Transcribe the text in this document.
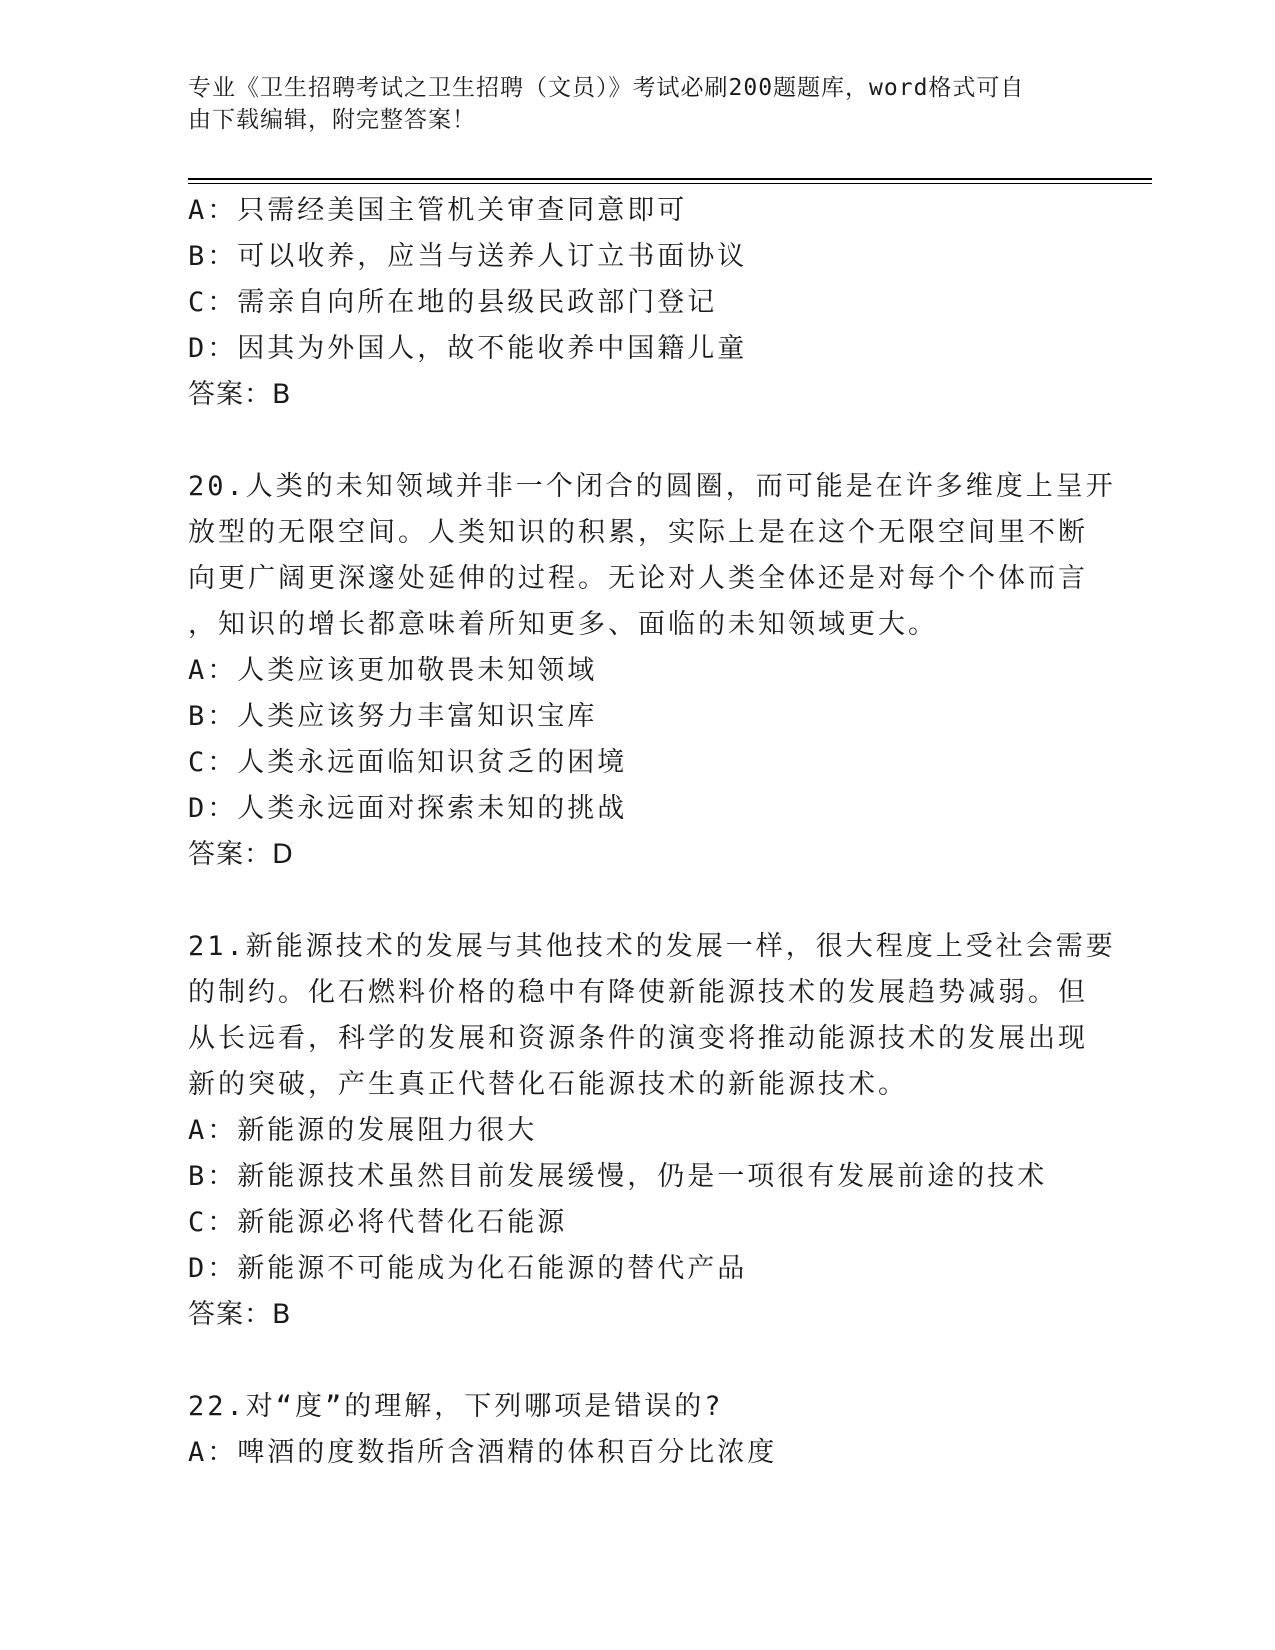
专业《卫生招聘考试之卫生招聘（文员）》考试必刷200题题库，word格式可自
由下载编辑，附完整答案！
A：只需经美国主管机关审查同意即可
B：可以收养，应当与送养人订立书面协议
C：需亲自向所在地的县级民政部门登记
D：因其为外国人，故不能收养中国籍儿童
答案：B
20.人类的未知领域并非一个闭合的圆圈，而可能是在许多维度上呈开
放型的无限空间。人类知识的积累，实际上是在这个无限空间里不断
向更广阔更深邃处延伸的过程。无论对人类全体还是对每个个体而言
，知识的增长都意味着所知更多、面临的未知领域更大。
A：人类应该更加敬畏未知领域
B：人类应该努力丰富知识宝库
C：人类永远面临知识贫乏的困境
D：人类永远面对探索未知的挑战
答案：D
21.新能源技术的发展与其他技术的发展一样，很大程度上受社会需要
的制约。化石燃料价格的稳中有降使新能源技术的发展趋势减弱。但
从长远看，科学的发展和资源条件的演变将推动能源技术的发展出现
新的突破，产生真正代替化石能源技术的新能源技术。
A：新能源的发展阻力很大
B：新能源技术虽然目前发展缓慢，仍是一项很有发展前途的技术
C：新能源必将代替化石能源
D：新能源不可能成为化石能源的替代产品
答案：B
22.对“度”的理解，下列哪项是错误的?
A：啤酒的度数指所含酒精的体积百分比浓度
